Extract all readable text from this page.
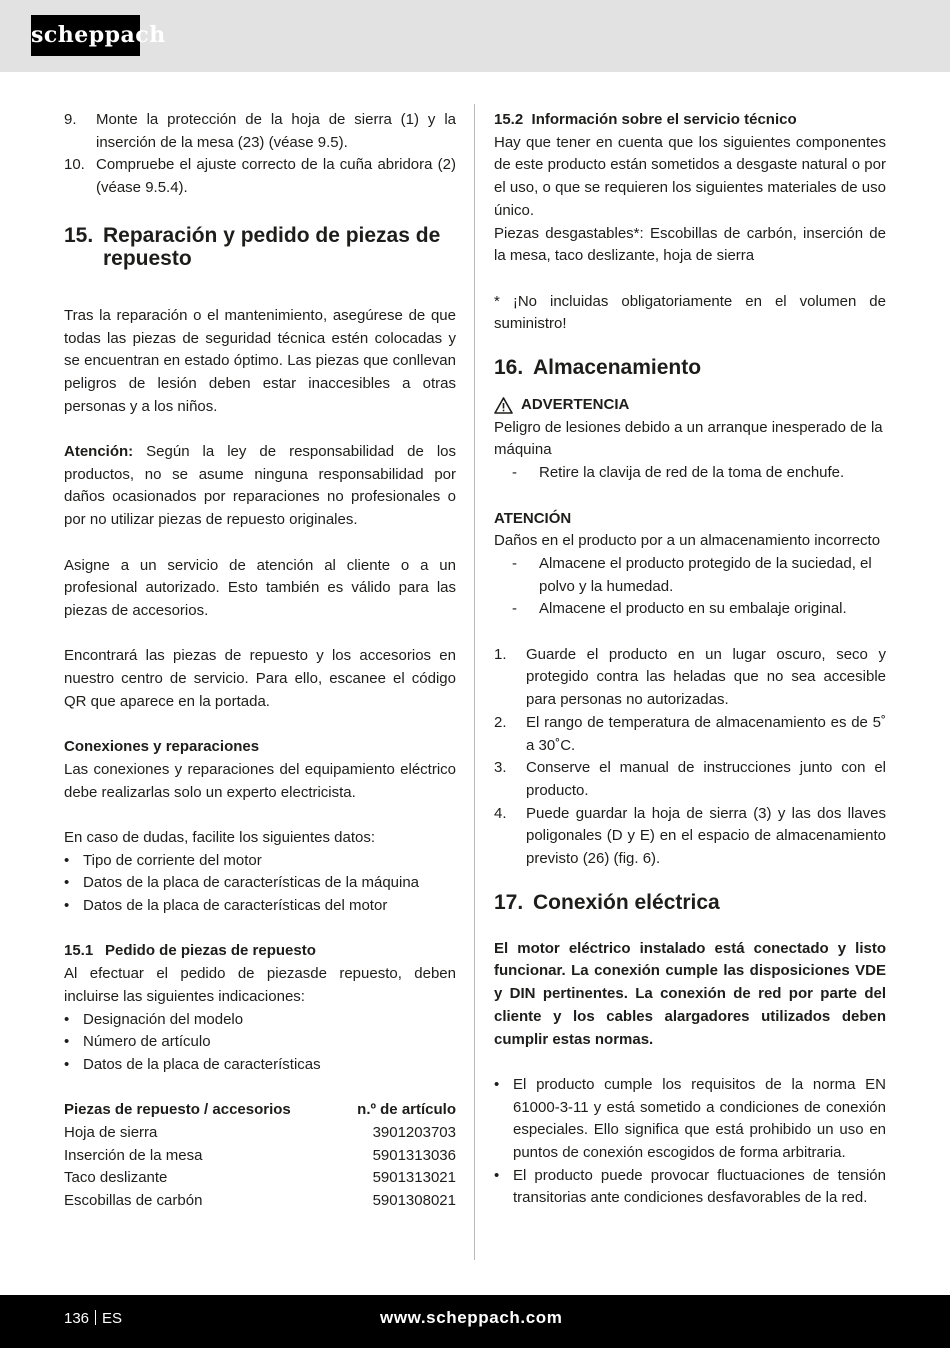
scheppach
9. Monte la protección de la hoja de sierra (1) y la inserción de la mesa (23) (véase 9.5).
10. Compruebe el ajuste correcto de la cuña abridora (2) (véase 9.5.4).
15. Reparación y pedido de piezas de repuesto

Tras la reparación o el mantenimiento, asegúrese de que todas las piezas de seguridad técnica estén colocadas y se encuentran en estado óptimo. Las piezas que conllevan peligros de lesión deben estar inaccesibles a otras personas y a los niños.

Atención: Según la ley de responsabilidad de los productos, no se asume ninguna responsabilidad por daños ocasionados por reparaciones no profesionales o por no utilizar piezas de repuesto originales.

Asigne a un servicio de atención al cliente o a un profesional autorizado. Esto también es válido para las piezas de accesorios.

Encontrará las piezas de repuesto y los accesorios en nuestro centro de servicio. Para ello, escanee el código QR que aparece en la portada.

Conexiones y reparaciones

Las conexiones y reparaciones del equipamiento eléctrico debe realizarlas solo un experto electricista.

En caso de dudas, facilite los siguientes datos:

• Tipo de corriente del motor
• Datos de la placa de características de la máquina
• Datos de la placa de características del motor

15.1 Pedido de piezas de repuesto

Al efectuar el pedido de piezasde repuesto, deben incluirse las siguientes indicaciones:

• Designación del modelo
• Número de artículo
• Datos de la placa de características
Piezas de repuesto / accesorios	n.º de artículo
Hoja de sierra	3901203703
Inserción de la mesa	5901313036
Taco deslizante	5901313021
Escobillas de carbón	5901308021

15.2 Información sobre el servicio técnico

Hay que tener en cuenta que los siguientes componentes de este producto están sometidos a desgaste natural o por el uso, o que se requieren los siguientes materiales de uso único.

Piezas desgastables*: Escobillas de carbón, inserción de la mesa, taco deslizante, hoja de sierra

* ¡No incluidas obligatoriamente en el volumen de suministro!

16. Almacenamiento

ADVERTENCIA

Peligro de lesiones debido a un arranque inesperado de la máquina

- Retire la clavija de red de la toma de enchufe.

ATENCIÓN

Daños en el producto por a un almacenamiento incorrecto

- Almacene el producto protegido de la suciedad, el polvo y la humedad.
- Almacene el producto en su embalaje original.
1. Guarde el producto en un lugar oscuro, seco y protegido contra las heladas que no sea accesible para personas no autorizadas.
2. El rango de temperatura de almacenamiento es de 5˚ a 30˚C.
3. Conserve el manual de instrucciones junto con el producto.
4. Puede guardar la hoja de sierra (3) y las dos llaves poligonales (D y E) en el espacio de almacenamiento previsto (26) (fig. 6).
17. Conexión eléctrica

El motor eléctrico instalado está conectado y listo funcionar. La conexión cumple las disposiciones VDE y DIN pertinentes. La conexión de red por parte del cliente y los cables alargadores utilizados deben cumplir estas normas.

• El producto cumple los requisitos de la norma EN 61000-3-11 y está sometido a condiciones de conexión especiales. Ello significa que está prohibido un uso en puntos de conexión escogidos de forma arbitraria.
• El producto puede provocar fluctuaciones de tensión transitorias ante condiciones desfavorables de la red.
136 ES	www.scheppach.com
